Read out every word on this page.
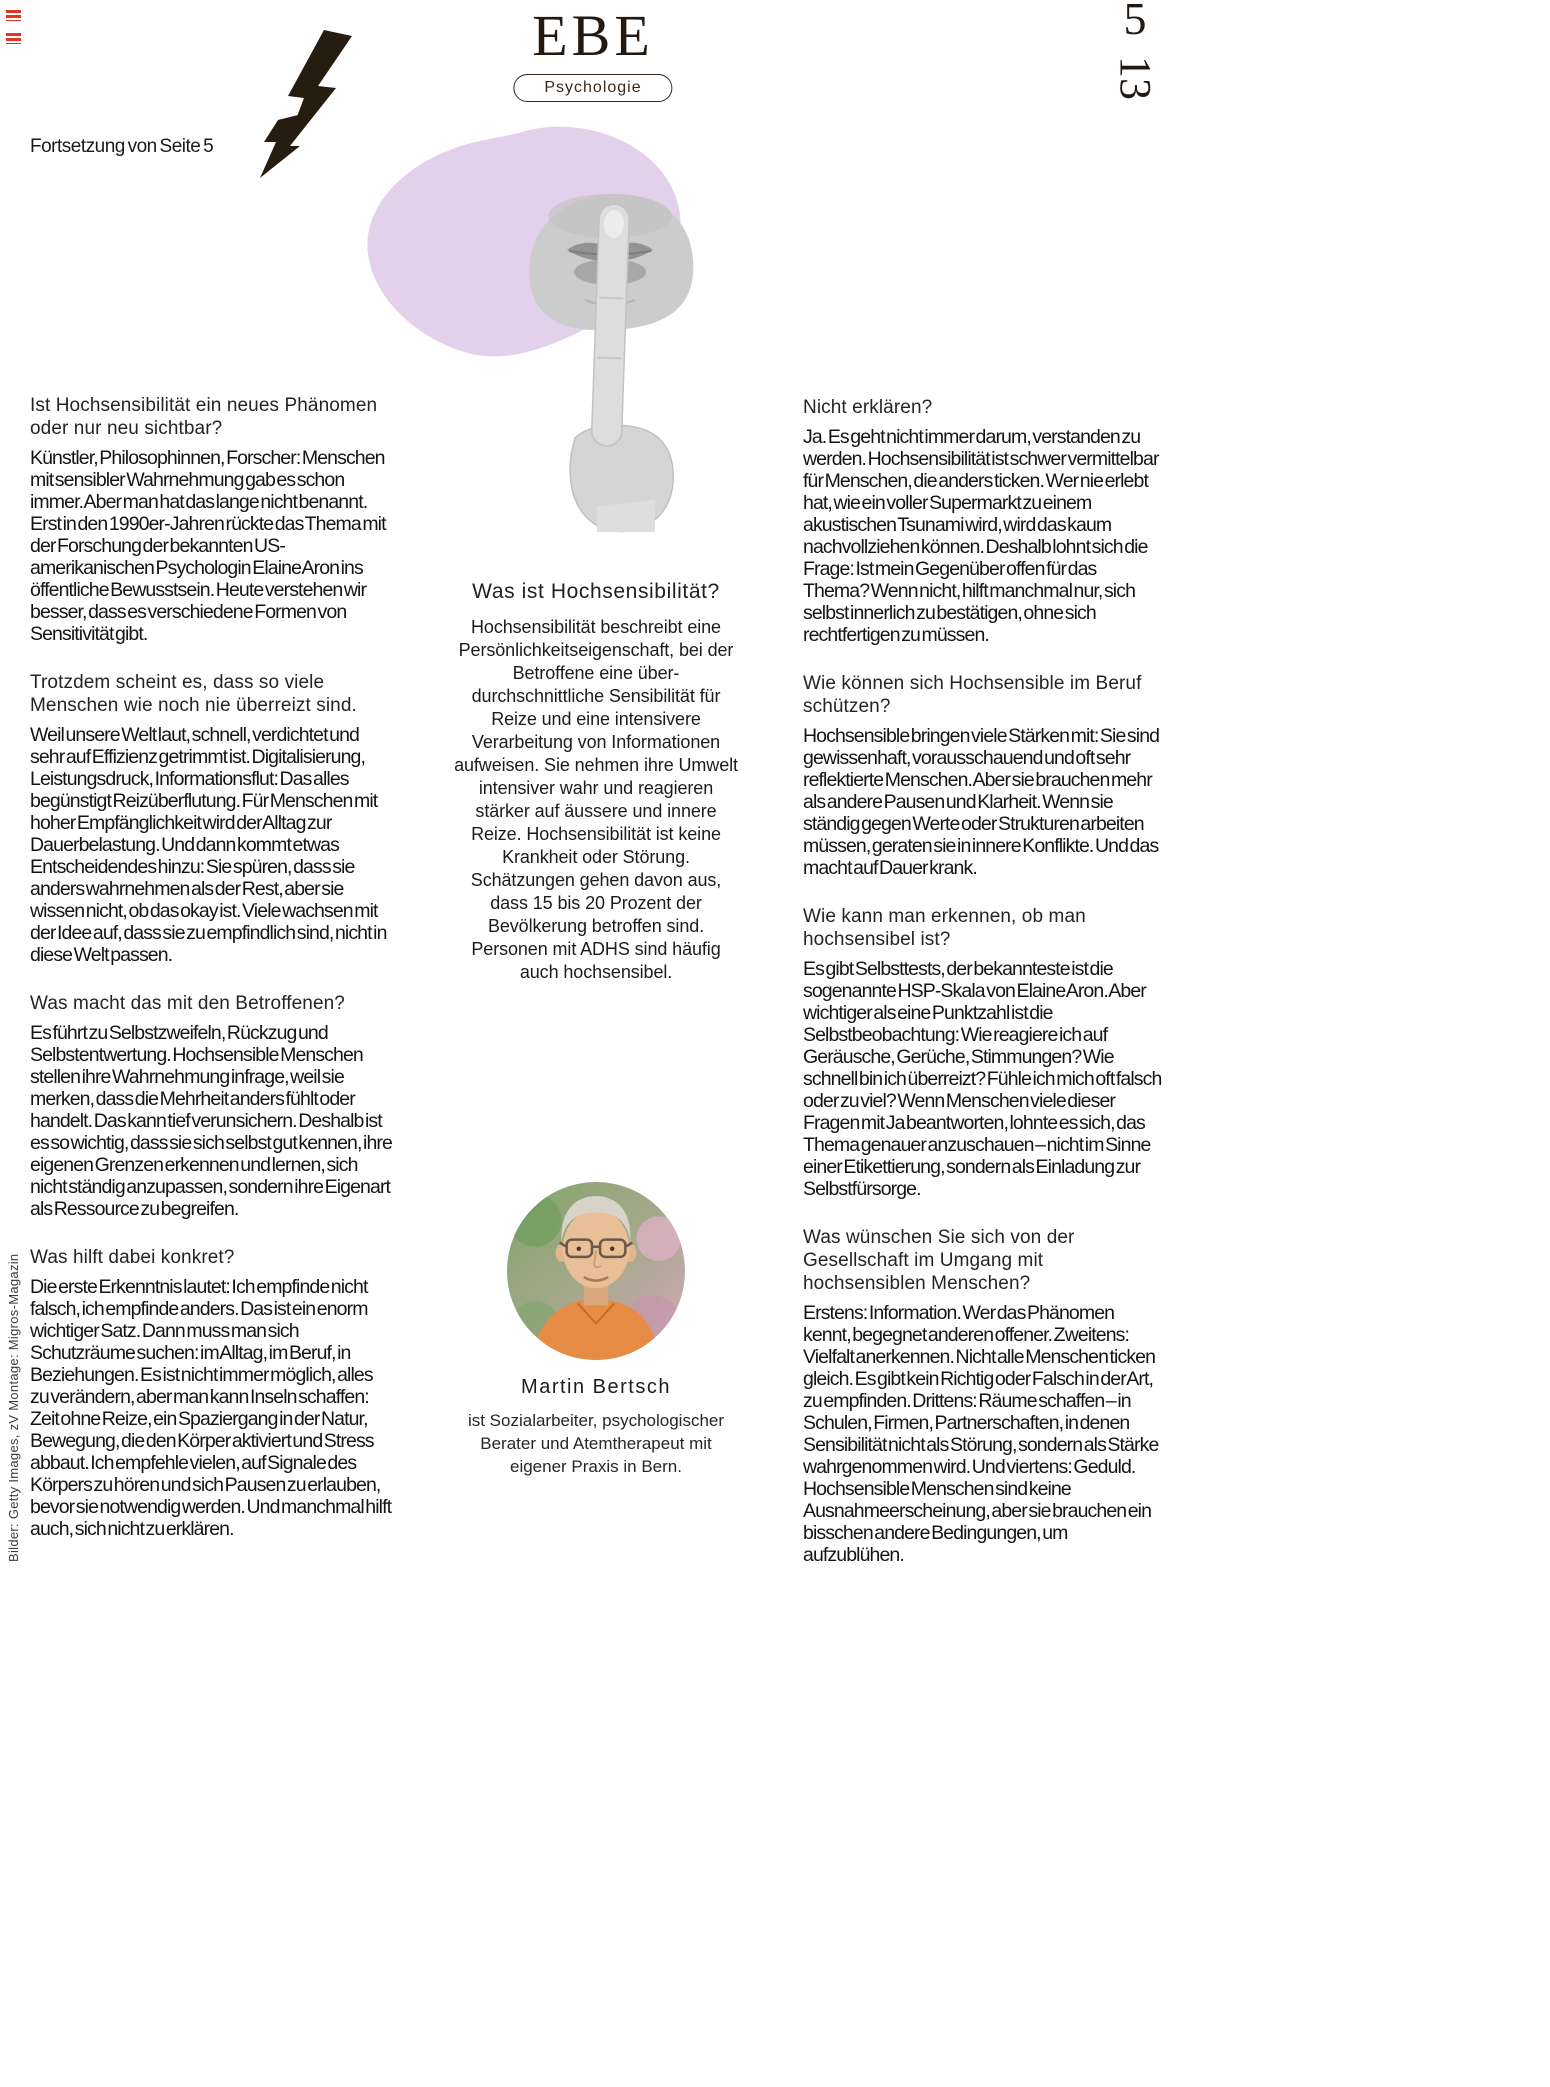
EBE
Psychologie
5
13
Fortsetzung von Seite 5
Ist Hochsensibilität ein neues Phänomen oder nur neu sichtbar?
Künstler, Philosophinnen, Forscher: Menschen mit sensibler Wahrnehmung gab es schon immer. Aber man hat das lange nicht benannt. Erst in den 1990er-Jahren rückte das Thema mit der Forschung der bekannten US-amerikanischen Psychologin Elaine Aron ins öffentliche Bewusstsein. Heute verstehen wir besser, dass es verschiedene Formen von Sensitivität gibt.
Trotzdem scheint es, dass so viele Menschen wie noch nie überreizt sind.
Weil unsere Welt laut, schnell, verdichtet und sehr auf Effizienz getrimmt ist. Digitalisierung, Leistungsdruck, Informationsflut: Das alles begünstigt Reizüberflutung. Für Menschen mit hoher Empfänglichkeit wird der Alltag zur Dauerbelastung. Und dann kommt etwas Entscheidendes hinzu: Sie spüren, dass sie anders wahrnehmen als der Rest, aber sie wissen nicht, ob das okay ist. Viele wachsen mit der Idee auf, dass sie zu empfindlich sind, nicht in diese Welt passen.
Was macht das mit den Betroffenen?
Es führt zu Selbstzweifeln, Rückzug und Selbstentwertung. Hochsensible Menschen stellen ihre Wahrnehmung infrage, weil sie merken, dass die Mehrheit anders fühlt oder handelt. Das kann tief verunsichern. Deshalb ist es so wichtig, dass sie sich selbst gut kennen, ihre eigenen Grenzen erkennen und lernen, sich nicht ständig anzupassen, sondern ihre Eigenart als Ressource zu begreifen.
Was hilft dabei konkret?
Die erste Erkenntnis lautet: Ich empfinde nicht falsch, ich empfinde anders. Das ist ein enorm wichtiger Satz. Dann muss man sich Schutzräume suchen: im Alltag, im Beruf, in Beziehungen. Es ist nicht immer möglich, alles zu verändern, aber man kann Inseln schaffen: Zeit ohne Reize, ein Spaziergang in der Natur, Bewegung, die den Körper aktiviert und Stress abbaut. Ich empfehle vielen, auf Signale des Körpers zu hören und sich Pausen zu erlauben, bevor sie notwendig werden. Und manchmal hilft auch, sich nicht zu erklären.
Was ist Hochsensibilität?
Hochsensibilität beschreibt eine Persönlichkeitseigenschaft, bei der Betroffene eine überdurchschnittliche Sensibilität für Reize und eine intensivere Verarbeitung von Informationen aufweisen. Sie nehmen ihre Umwelt intensiver wahr und reagieren stärker auf äussere und innere Reize. Hochsensibilität ist keine Krankheit oder Störung. Schätzungen gehen davon aus, dass 15 bis 20 Prozent der Bevölkerung betroffen sind. Personen mit ADHS sind häufig auch hochsensibel.
Martin Bertsch
ist Sozialarbeiter, psychologischer Berater und Atemtherapeut mit eigener Praxis in Bern.
Nicht erklären?
Ja. Es geht nicht immer darum, verstanden zu werden. Hochsensibilität ist schwer vermittelbar für Menschen, die anders ticken. Wer nie erlebt hat, wie ein voller Supermarkt zu einem akustischen Tsunami wird, wird das kaum nachvollziehen können. Deshalb lohnt sich die Frage: Ist mein Gegenüber offen für das Thema? Wenn nicht, hilft manchmal nur, sich selbst innerlich zu bestätigen, ohne sich rechtfertigen zu müssen.
Wie können sich Hochsensible im Beruf schützen?
Hochsensible bringen viele Stärken mit: Sie sind gewissenhaft, vorausschauend und oft sehr reflektierte Menschen. Aber sie brauchen mehr als andere Pausen und Klarheit. Wenn sie ständig gegen Werte oder Strukturen arbeiten müssen, geraten sie in innere Konflikte. Und das macht auf Dauer krank.
Wie kann man erkennen, ob man hochsensibel ist?
Es gibt Selbsttests, der bekannteste ist die sogenannte HSP-Skala von Elaine Aron. Aber wichtiger als eine Punktzahl ist die Selbstbeobachtung: Wie reagiere ich auf Geräusche, Gerüche, Stimmungen? Wie schnell bin ich überreizt? Fühle ich mich oft falsch oder zu viel? Wenn Menschen viele dieser Fragen mit Ja beantworten, lohnte es sich, das Thema genauer anzuschauen – nicht im Sinne einer Etikettierung, sondern als Einladung zur Selbstfürsorge.
Was wünschen Sie sich von der Gesellschaft im Umgang mit hochsensiblen Menschen?
Erstens: Information. Wer das Phänomen kennt, begegnet anderen offener. Zweitens: Vielfalt anerkennen. Nicht alle Menschen ticken gleich. Es gibt kein Richtig oder Falsch in der Art, zu empfinden. Drittens: Räume schaffen – in Schulen, Firmen, Partnerschaften, in denen Sensibilität nicht als Störung, sondern als Stärke wahrgenommen wird. Und viertens: Geduld. Hochsensible Menschen sind keine Ausnahmeerscheinung, aber sie brauchen ein bisschen andere Bedingungen, um aufzublühen.
Bilder: Getty Images, zV Montage: Migros-Magazin
